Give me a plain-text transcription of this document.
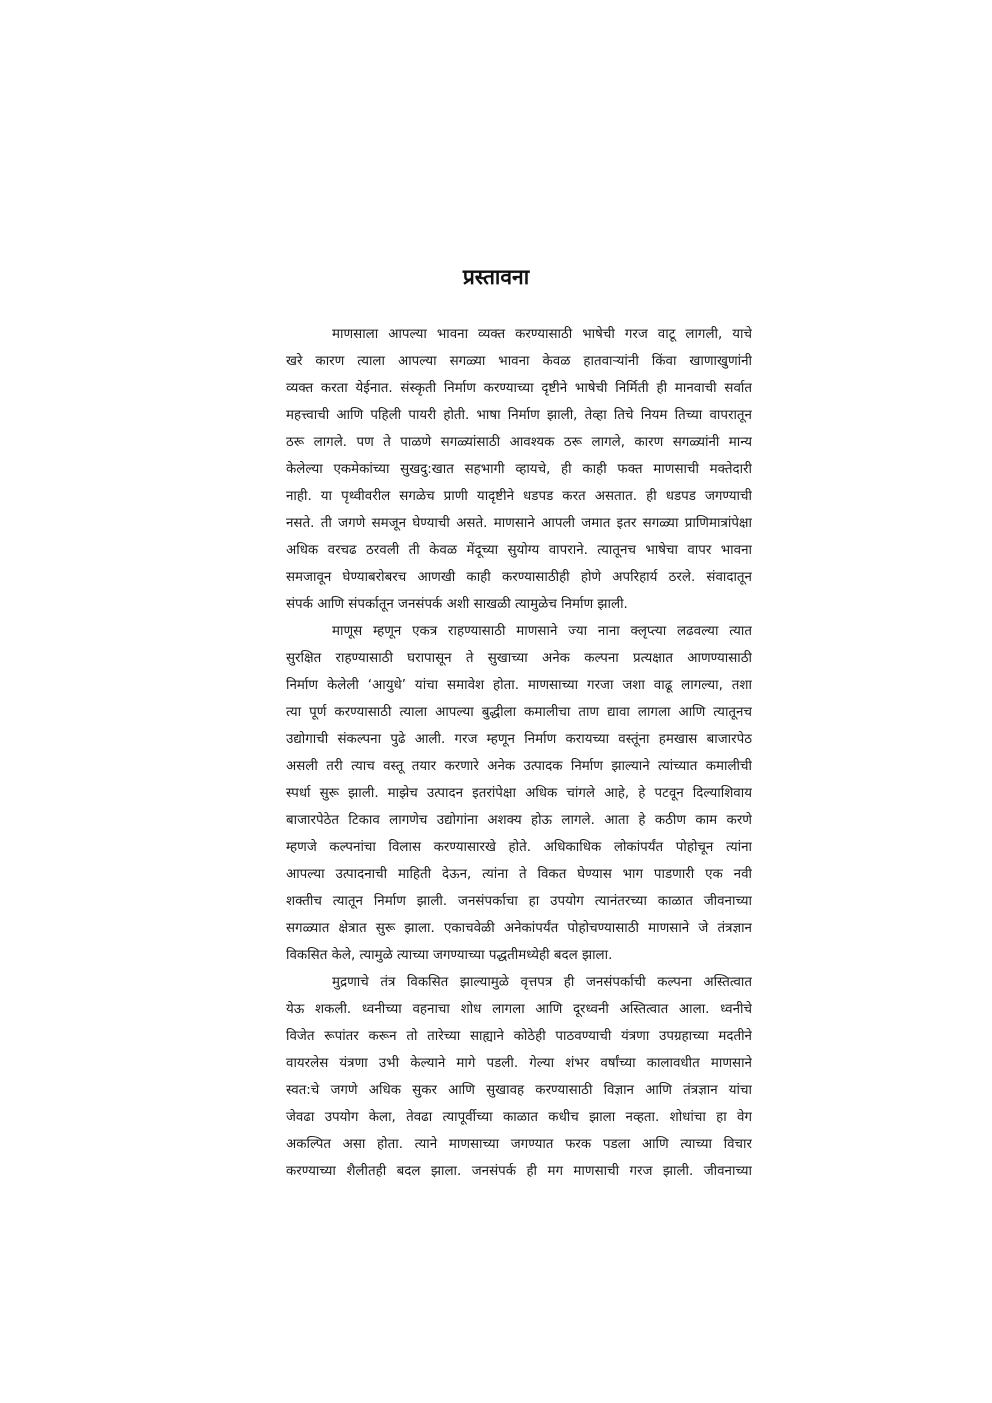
प्रस्तावना
माणसाला आपल्या भावना व्यक्त करण्यासाठी भाषेची गरज वाटू लागली, याचे
खरे कारण त्याला आपल्या सगळ्या भावना केवळ हातवाऱ्यांनी किंवा खाणाखुणांनी
व्यक्त करता येईनात. संस्कृती निर्माण करण्याच्या दृष्टीने भाषेची निर्मिती ही मानवाची सर्वात
महत्त्वाची आणि पहिली पायरी होती. भाषा निर्माण झाली, तेव्हा तिचे नियम तिच्या वापरातून
ठरू लागले. पण ते पाळणे सगळ्यांसाठी आवश्यक ठरू लागले, कारण सगळ्यांनी मान्य
केलेल्या एकमेकांच्या सुखदु:खात सहभागी व्हायचे, ही काही फक्त माणसाची मक्तेदारी
नाही. या पृथ्वीवरील सगळेच प्राणी यादृष्टीने धडपड करत असतात. ही धडपड जगण्याची
नसते. ती जगणे समजून घेण्याची असते. माणसाने आपली जमात इतर सगळ्या प्राणिमात्रांपेक्षा
अधिक वरचढ ठरवली ती केवळ मेंदूच्या सुयोग्य वापराने. त्यातूनच भाषेचा वापर भावना
समजावून घेण्याबरोबरच आणखी काही करण्यासाठीही होणे अपरिहार्य ठरले. संवादातून
संपर्क आणि संपर्कातून जनसंपर्क अशी साखळी त्यामुळेच निर्माण झाली.
माणूस म्हणून एकत्र राहण्यासाठी माणसाने ज्या नाना क्लृप्त्या लढवल्या त्यात
सुरक्षित राहण्यासाठी घरापासून ते सुखाच्या अनेक कल्पना प्रत्यक्षात आणण्यासाठी
निर्माण केलेली ‘आयुधे’ यांचा समावेश होता. माणसाच्या गरजा जशा वाढू लागल्या, तशा
त्या पूर्ण करण्यासाठी त्याला आपल्या बुद्धीला कमालीचा ताण द्यावा लागला आणि त्यातूनच
उद्योगाची संकल्पना पुढे आली. गरज म्हणून निर्माण करायच्या वस्तूंना हमखास बाजारपेठ
असली तरी त्याच वस्तू तयार करणारे अनेक उत्पादक निर्माण झाल्याने त्यांच्यात कमालीची
स्पर्धा सुरू झाली. माझेच उत्पादन इतरांपेक्षा अधिक चांगले आहे, हे पटवून दिल्याशिवाय
बाजारपेठेत टिकाव लागणेच उद्योगांना अशक्य होऊ लागले. आता हे कठीण काम करणे
म्हणजे कल्पनांचा विलास करण्यासारखे होते. अधिकाधिक लोकांपर्यंत पोहोचून त्यांना
आपल्या उत्पादनाची माहिती देऊन, त्यांना ते विकत घेण्यास भाग पाडणारी एक नवी
शक्तीच त्यातून निर्माण झाली. जनसंपर्काचा हा उपयोग त्यानंतरच्या काळात जीवनाच्या
सगळ्यात क्षेत्रात सुरू झाला. एकाचवेळी अनेकांपर्यंत पोहोचण्यासाठी माणसाने जे तंत्रज्ञान
विकसित केले, त्यामुळे त्याच्या जगण्याच्या पद्धतीमध्येही बदल झाला.
मुद्रणाचे तंत्र विकसित झाल्यामुळे वृत्तपत्र ही जनसंपर्काची कल्पना अस्तित्वात
येऊ शकली. ध्वनीच्या वहनाचा शोध लागला आणि दूरध्वनी अस्तित्वात आला. ध्वनीचे
विजेत रूपांतर करून तो तारेच्या साह्याने कोठेही पाठवण्याची यंत्रणा उपग्रहाच्या मदतीने
वायरलेस यंत्रणा उभी केल्याने मागे पडली. गेल्या शंभर वर्षांच्या कालावधीत माणसाने
स्वत:चे जगणे अधिक सुकर आणि सुखावह करण्यासाठी विज्ञान आणि तंत्रज्ञान यांचा
जेवढा उपयोग केला, तेवढा त्यापूर्वीच्या काळात कधीच झाला नव्हता. शोधांचा हा वेग
अकल्पित असा होता. त्याने माणसाच्या जगण्यात फरक पडला आणि त्याच्या विचार
करण्याच्या शैलीतही बदल झाला. जनसंपर्क ही मग माणसाची गरज झाली. जीवनाच्या
